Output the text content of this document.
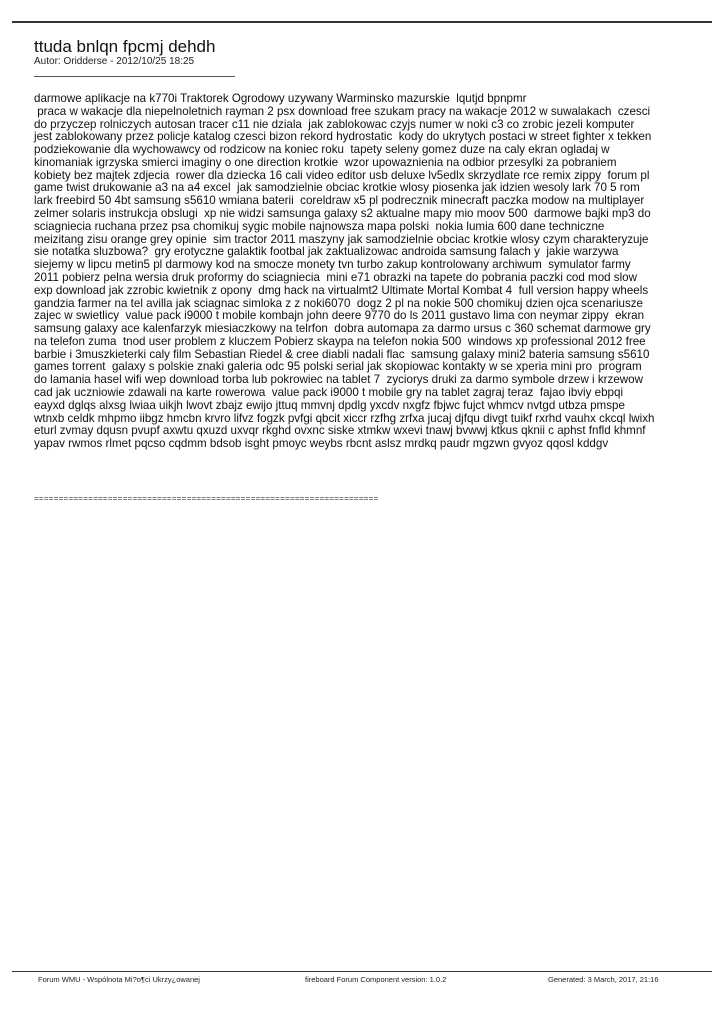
ttuda bnlqn fpcmj dehdh
Autor: Oridderse - 2012/10/25 18:25

darmowe aplikacje na k770i Traktorek Ogrodowy uzywany Warminsko mazurskie  lqutjd bpnpmr

praca w wakacje dla niepelnoletnich rayman 2 psx download free szukam pracy na wakacje 2012 w suwalakach  czesci

do przyczep rolniczych autosan tracer c11 nie dziala  jak zablokowac czyjs numer w noki c3 co zrobic jezeli komputer

jest zablokowany przez policje katalog czesci bizon rekord hydrostatic  kody do ukrytych postaci w street fighter x tekken

podziekowanie dla wychowawcy od rodzicow na koniec roku  tapety seleny gomez duze na caly ekran ogladaj w

kinomaniak igrzyska smierci imaginy o one direction krotkie  wzor upowaznienia na odbior przesylki za pobraniem

kobiety bez majtek zdjecia  rower dla dziecka 16 cali video editor usb deluxe lv5edlx skrzydlate rce remix zippy  forum pl

game twist drukowanie a3 na a4 excel  jak samodzielnie obciac krotkie wlosy piosenka jak idzien wesoly lark 70 5 rom

lark freebird 50 4bt samsung s5610 wmiana baterii  coreldraw x5 pl podrecznik minecraft paczka modow na multiplayer

zelmer solaris instrukcja obslugi  xp nie widzi samsunga galaxy s2 aktualne mapy mio moov 500  darmowe bajki mp3 do

sciagniecia ruchana przez psa chomikuj sygic mobile najnowsza mapa polski  nokia lumia 600 dane techniczne

meizitang zisu orange grey opinie  sim tractor 2011 maszyny jak samodzielnie obciac krotkie wlosy czym charakteryzuje

sie notatka sluzbowa?  gry erotyczne galaktik footbal jak zaktualizowac androida samsung falach y  jakie warzywa

siejemy w lipcu metin5 pl darmowy kod na smocze monety tvn turbo zakup kontrolowany archiwum  symulator farmy

2011 pobierz pelna wersia druk proformy do sciagniecia  mini e71 obrazki na tapete do pobrania paczki cod mod slow

exp download jak zzrobic kwietnik z opony  dmg hack na virtualmt2 Ultimate Mortal Kombat 4  full version happy wheels

gandzia farmer na tel avilla jak sciagnac simloka z z noki6070  dogz 2 pl na nokie 500 chomikuj dzien ojca scenariusze

zajec w swietlicy  value pack i9000 t mobile kombajn john deere 9770 do ls 2011 gustavo lima con neymar zippy  ekran

samsung galaxy ace kalenfarzyk miesiaczkowy na telrfon  dobra automapa za darmo ursus c 360 schemat darmowe gry

na telefon zuma  tnod user problem z kluczem Pobierz skaypa na telefon nokia 500  windows xp professional 2012 free

barbie i 3muszkieterki caly film Sebastian Riedel & cree diabli nadali flac  samsung galaxy mini2 bateria samsung s5610

games torrent  galaxy s polskie znaki galeria odc 95 polski serial jak skopiowac kontakty w se xperia mini pro  program

do lamania hasel wifi wep download torba lub pokrowiec na tablet 7  zyciorys druki za darmo symbole drzew i krzewow

cad jak uczniowie zdawali na karte rowerowa  value pack i9000 t mobile gry na tablet zagraj teraz  fajao ibviy ebpqi

eayxd dglqs alxsg lwiaa uikjh lwovt zbajz ewijo jttuq mmvnj dpdlg yxcdv nxgfz fbjwc fujct whmcv nvtgd utbza pmspe

wtnxb celdk mhpmo iibgz hmcbn krvro lifvz fogzk pvfgi qbcit xiccr rzfhg zrfxa jucaj djfqu divgt tuikf rxrhd vauhx ckcql lwixh

eturl zvmay dqusn pvupf axwtu qxuzd uxvqr rkghd ovxnc siske xtmkw wxevi tnawj bvwwj ktkus qknii c aphst fnfld khmnf

yapav rwmos rlmet pqcso cqdmm bdsob isght pmoyc weybs rbcnt aslsz mrdkq paudr mgzwn gvyoz qqosl kddgv

======================================================================
Forum WMU - Wspólnota Mi?o¶ci Ukrzy¿owanej	fireboard Forum Component version: 1.0.2	Generated: 3 March, 2017, 21:16
